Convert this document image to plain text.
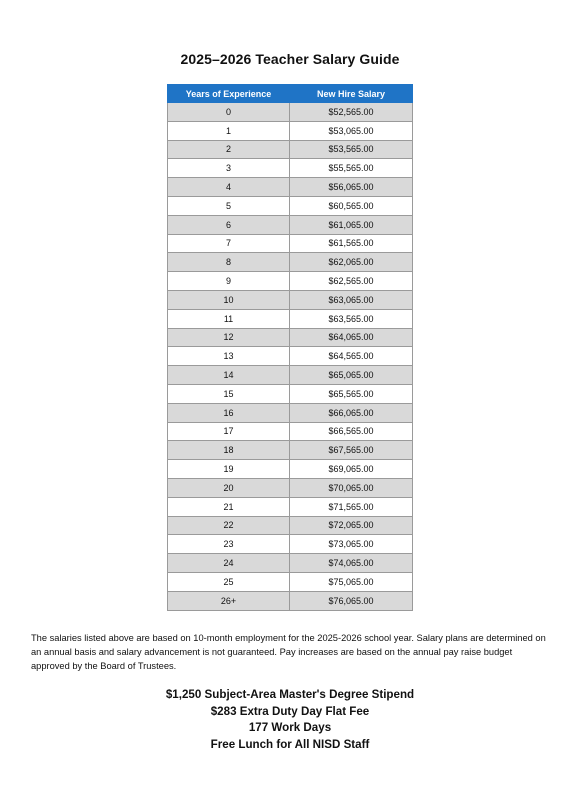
2025–2026 Teacher Salary Guide
Years of Experience	New Hire Salary
0	$52,565.00
1	$53,065.00
2	$53,565.00
3	$55,565.00
4	$56,065.00
5	$60,565.00
6	$61,065.00
7	$61,565.00
8	$62,065.00
9	$62,565.00
10	$63,065.00
11	$63,565.00
12	$64,065.00
13	$64,565.00
14	$65,065.00
15	$65,565.00
16	$66,065.00
17	$66,565.00
18	$67,565.00
19	$69,065.00
20	$70,065.00
21	$71,565.00
22	$72,065.00
23	$73,065.00
24	$74,065.00
25	$75,065.00
26+	$76,065.00
The salaries listed above are based on 10-month employment for the 2025-2026 school year. Salary plans are determined on an annual basis and salary advancement is not guaranteed. Pay increases are based on the annual pay raise budget approved by the Board of Trustees.
$1,250 Subject-Area Master's Degree Stipend
$283 Extra Duty Day Flat Fee
177 Work Days
Free Lunch for All NISD Staff
